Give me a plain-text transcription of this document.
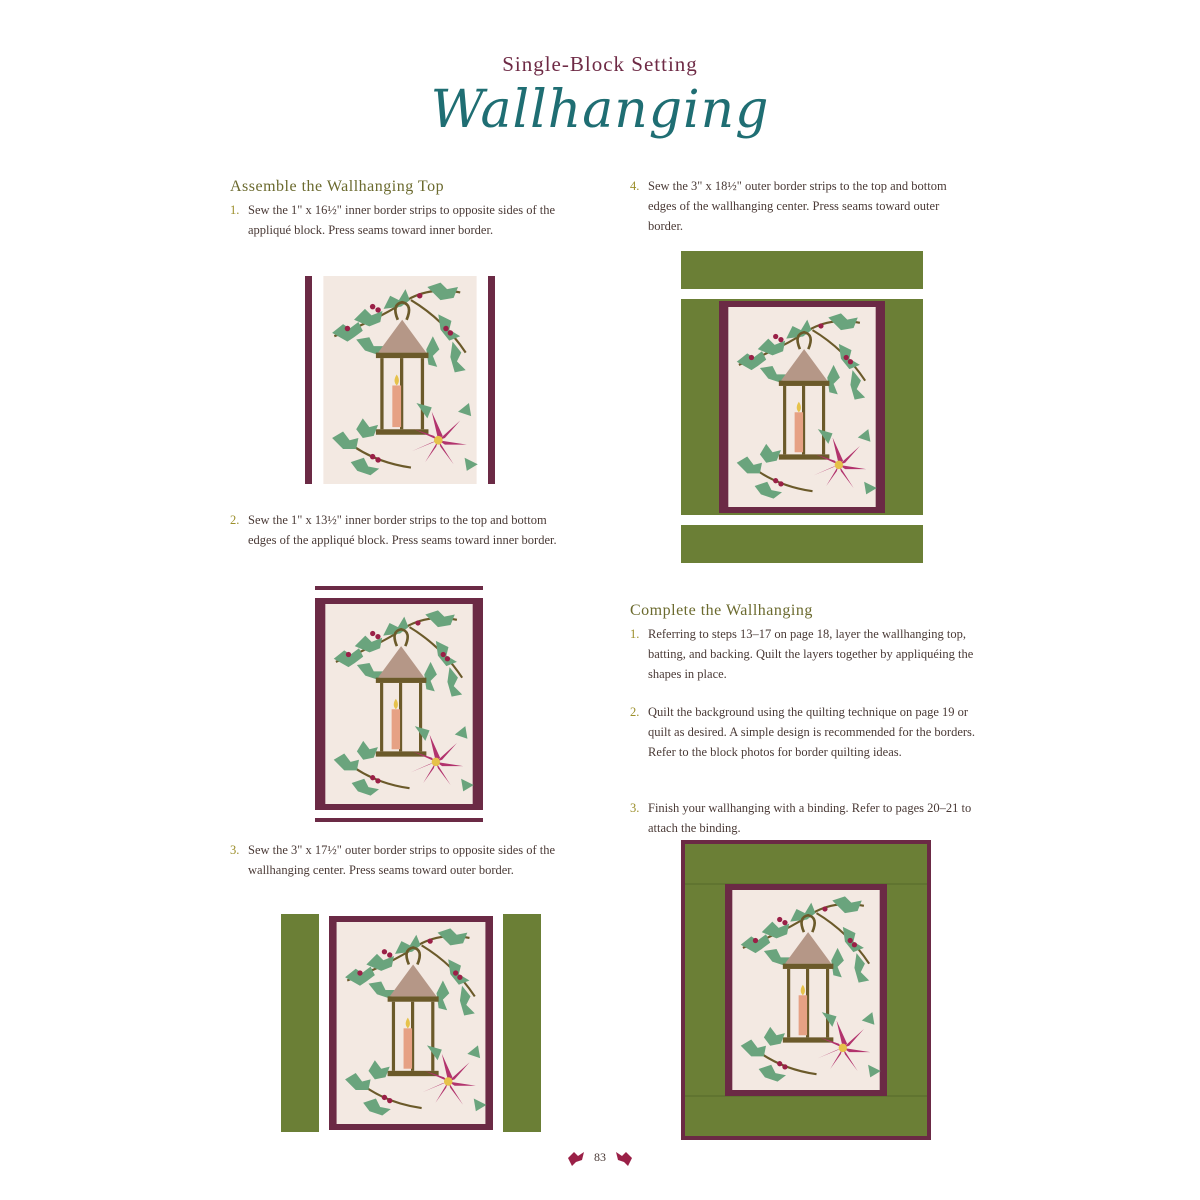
Single-Block Setting
Wallhanging
Assemble the Wallhanging Top
1. Sew the 1" x 16½" inner border strips to opposite sides of the appliqué block. Press seams toward inner border.
2. Sew the 1" x 13½" inner border strips to the top and bottom edges of the appliqué block. Press seams toward inner border.
3. Sew the 3" x 17½" outer border strips to opposite sides of the wallhanging center. Press seams toward outer border.
4. Sew the 3" x 18½" outer border strips to the top and bottom edges of the wallhanging center. Press seams toward outer border.
Complete the Wallhanging
1. Referring to steps 13–17 on page 18, layer the wallhanging top, batting, and backing. Quilt the layers together by appliquéing the shapes in place.
2. Quilt the background using the quilting technique on page 19 or quilt as desired. A simple design is recommended for the borders. Refer to the block photos for border quilting ideas.
3. Finish your wallhanging with a binding. Refer to pages 20–21 to attach the binding.
83
